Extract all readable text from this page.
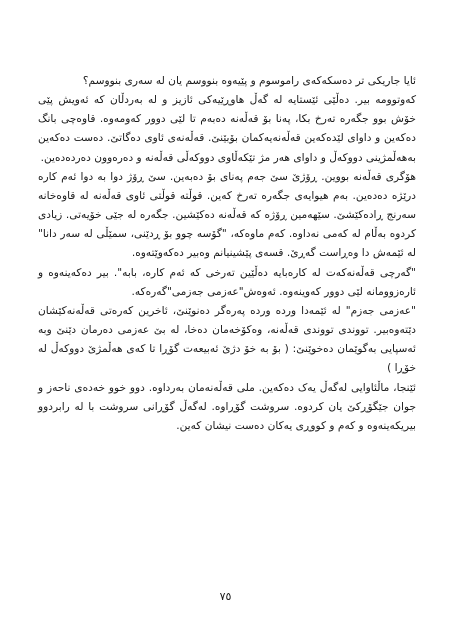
ئایا جاریکی تر دەسکەکەی راموسوم و پێیەوە بنووسم یان لە سەری بنووسم؟

کەوتوومە بیر. دەڵێی ئێستایە لە گەڵ هاوڕێیەکی ئازیز و لە بەردڵان کە ئەویش پێی خۆش بوو جگەرە تەرخ بکا، پەنا بۆ قەڵەنە دەبەم تا لێی دوور کەومەوە. قاوەچی بانگ دەکەین و داوای لێدەکەین قەڵەنەیەکمان بۆبێنێ. قەڵەنەی ئاوی دەگاتێ. دەست دەکەین بەهەڵمژینی دووکەڵ و داوای هەر مژ تێکەڵاوی دووکەڵی قەڵەنە و دەرەوون دەردەدەین.

هۆگری قەڵەنە بووین. ڕۆژێ سێ جەم پەنای بۆ دەبەین. سێ ڕۆژ دوا بە دوا ئەم کارە درێژە دەدەین. بەم هیوایەی جگەرە تەرخ کەین. قوڵتە قوڵتی ئاوی قەڵەنە لە قاوەخانە سەرنج ڕادەکێشێ. سێهەمین ڕۆژە کە قەڵەنە دەکێشین. جگەرە لە جێی خۆیەتی. زیادی کردوە بەڵام لە کەمی نەداوە. کەم ماوەکە، "گۆسە چوو بۆ ڕدێنی، سمێڵی لە سەر دانا" لە ئێمەش دا وەڕاست گەڕێ. قسەی پێشینیانم وەبیر دەکەوێتەوە.

"گەرچی قەڵەنەکەت لە کارەبایە دەڵێین تەرخی کە ئەم کارە، بابە". بیر دەکەینەوە و ئارەزوومانە لێی دوور کەوینەوە. ئەوەش"عەزمی جەزمی"گەرەکە.

"عەزمی جەزم" لە ئێمەدا وردە وردە پەرەگر دەنوێنێ، ئاخرین کەرەتی قەڵەنەکێشان دێتەوەبیر. تووندی تووندی قەڵەنە، وەکۆخەمان دەخا، لە بێ عەزمی دەرمان دێنێ وبە ئەسپایی بەگوێمان دەخوێنێ: ( بۆ بە خۆ دژێ ئەبیعەت گۆڕا تا کەی هەڵمژێ دووکەڵ لە خۆڕا )

ئێنجا، ماڵئاوایی لەگەڵ یەک دەکەین. ملی قەڵەنەمان بەرداوە. دوو خوو خەدەی ناحەز و جوان جێگۆڕکێ یان کردوە. سروشت گۆڕاوە. لەگەڵ گۆڕانی سروشت با لە رابردوو بیریکەینەوە و کەم و کووڕی یەکان دەست نیشان کەین.

٧٥
